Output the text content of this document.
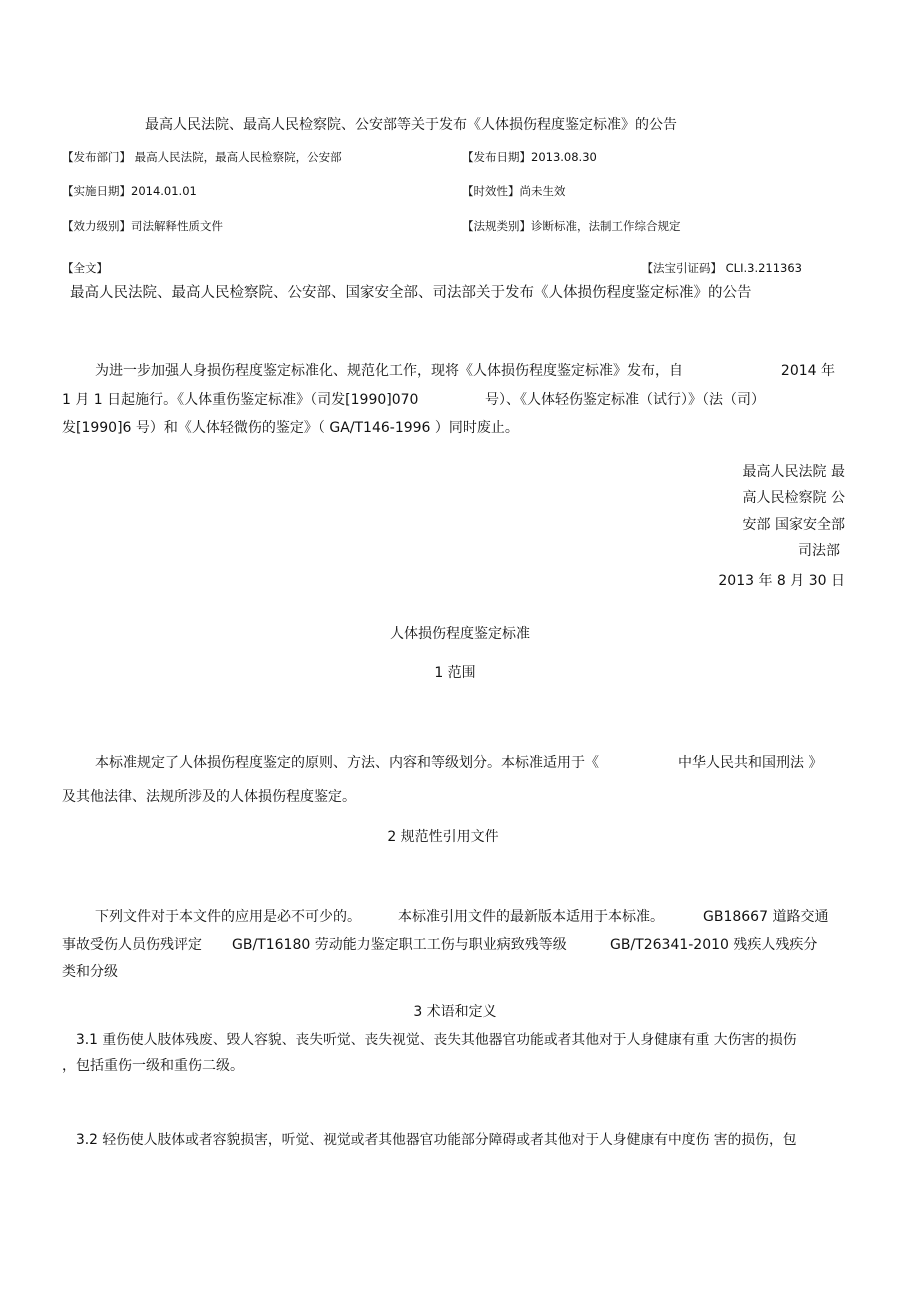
最高人民法院、最高人民检察院、公安部等关于发布《人体损伤程度鉴定标准》的公告
【发布部门】 最高人民法院，最高人民检察院，公安部	【发布日期】2013.08.30
【实施日期】2014.01.01	【时效性】尚未生效
【效力级别】司法解释性质文件	【法规类别】诊断标准，法制工作综合规定
【全文】	【法宝引证码】 CLI.3.211363
最高人民法院、最高人民检察院、公安部、国家安全部、司法部关于发布《人体损伤程度鉴定标准》的公告
为进一步加强人身损伤程度鉴定标准化、规范化工作，现将《人体损伤程度鉴定标准》发布，自	2014 年
1 月 1 日起施行。《人体重伤鉴定标准》（司发[1990]070	号）、《人体轻伤鉴定标准（试行）》（法（司）
发[1990]6 号）和《人体轻微伤的鉴定》（ GA/T146-1996 ）同时废止。
最高人民法院 最
高人民检察院 公
安部 国家安全部
司法部
2013 年 8 月 30 日
人体损伤程度鉴定标准
1 范围
本标准规定了人体损伤程度鉴定的原则、方法、内容和等级划分。本标准适用于《	中华人民共和国刑法 》
及其他法律、法规所涉及的人体损伤程度鉴定。
2 规范性引用文件
下列文件对于本文件的应用是必不可少的。	本标准引用文件的最新版本适用于本标准。	GB18667 道路交通
事故受伤人员伤残评定 GB/T16180 劳动能力鉴定职工工伤与职业病致残等级	GB/T26341-2010 残疾人残疾分
类和分级
3 术语和定义
3.1 重伤使人肢体残废、毁人容貌、丧失听觉、丧失视觉、丧失其他器官功能或者其他对于人身健康有重 大伤害的损伤
，包括重伤一级和重伤二级。
3.2 轻伤使人肢体或者容貌损害，听觉、视觉或者其他器官功能部分障碍或者其他对于人身健康有中度伤 害的损伤，包
